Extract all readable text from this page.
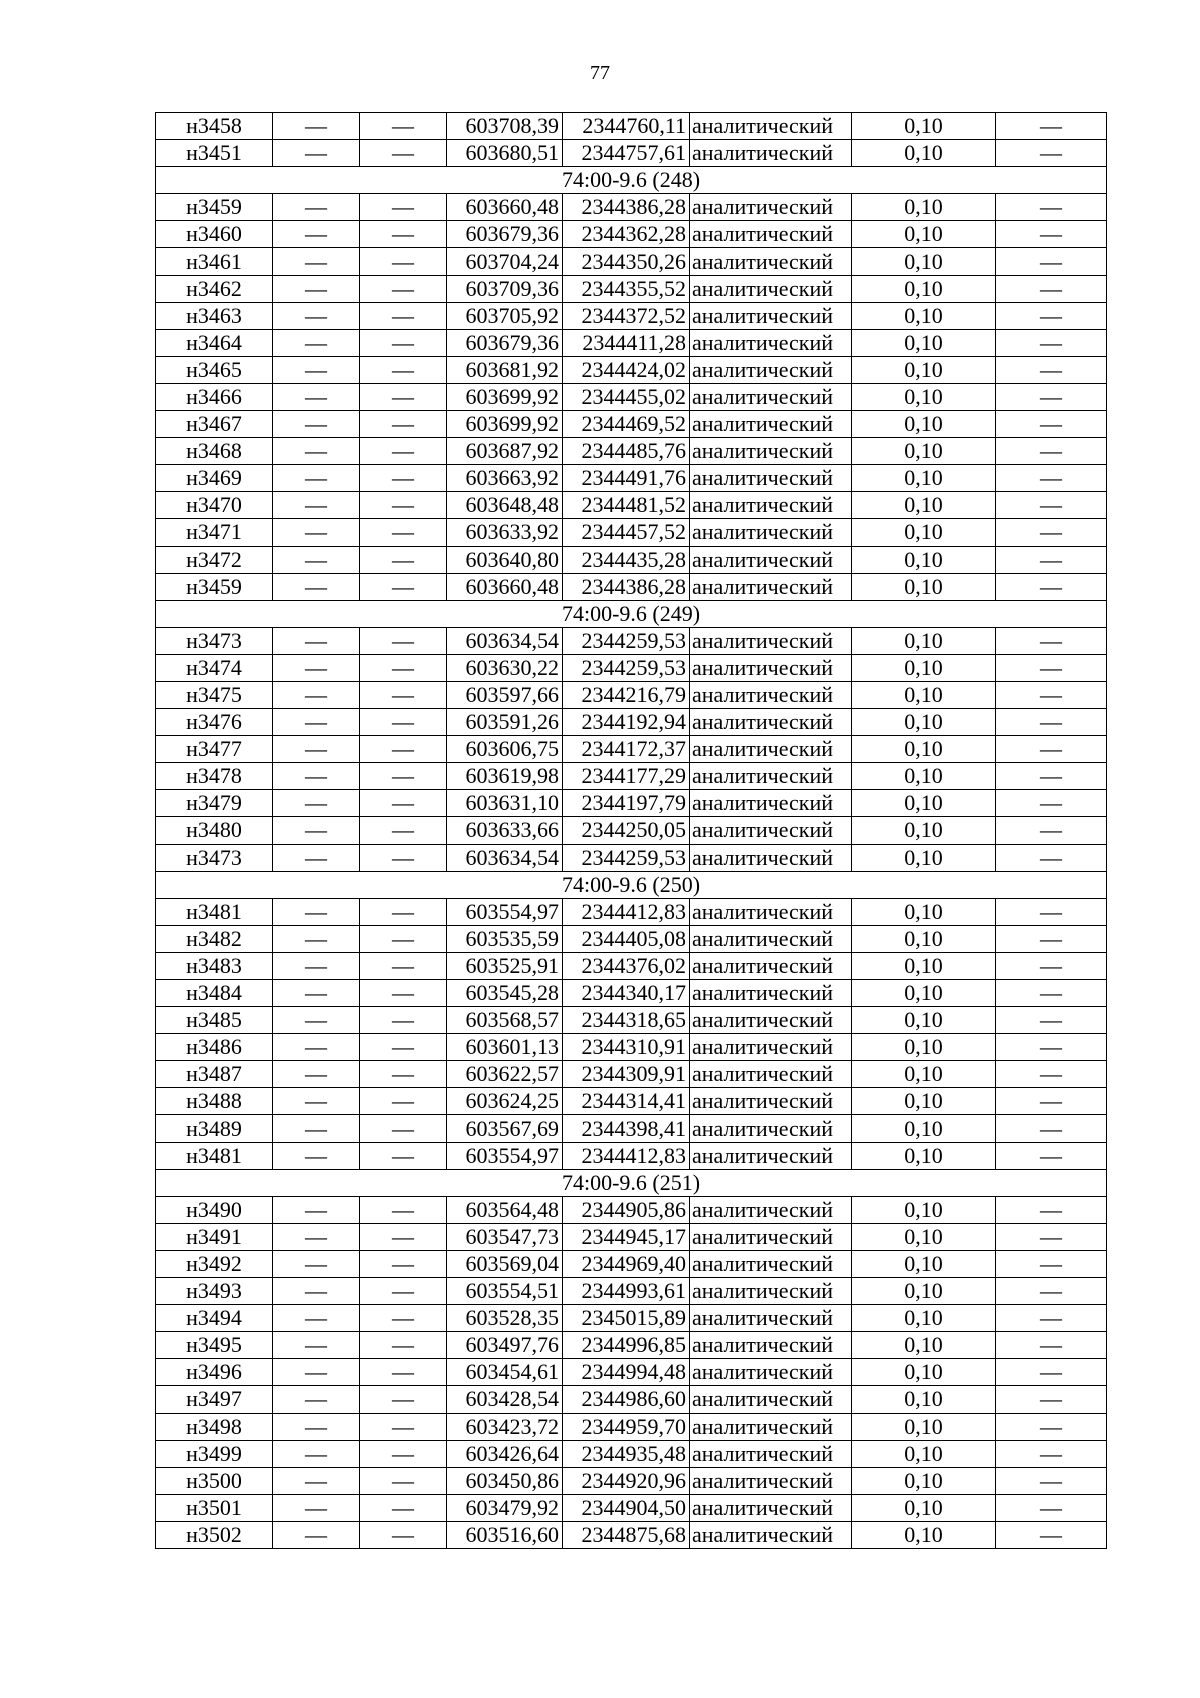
77
н3458	—	—	603708,39	2344760,11	аналитический	0,10	—
н3451	—	—	603680,51	2344757,61	аналитический	0,10	—
74:00-9.6 (248)							
н3459	—	—	603660,48	2344386,28	аналитический	0,10	—
н3460	—	—	603679,36	2344362,28	аналитический	0,10	—
н3461	—	—	603704,24	2344350,26	аналитический	0,10	—
н3462	—	—	603709,36	2344355,52	аналитический	0,10	—
н3463	—	—	603705,92	2344372,52	аналитический	0,10	—
н3464	—	—	603679,36	2344411,28	аналитический	0,10	—
н3465	—	—	603681,92	2344424,02	аналитический	0,10	—
н3466	—	—	603699,92	2344455,02	аналитический	0,10	—
н3467	—	—	603699,92	2344469,52	аналитический	0,10	—
н3468	—	—	603687,92	2344485,76	аналитический	0,10	—
н3469	—	—	603663,92	2344491,76	аналитический	0,10	—
н3470	—	—	603648,48	2344481,52	аналитический	0,10	—
н3471	—	—	603633,92	2344457,52	аналитический	0,10	—
н3472	—	—	603640,80	2344435,28	аналитический	0,10	—
н3459	—	—	603660,48	2344386,28	аналитический	0,10	—
74:00-9.6 (249)							
н3473	—	—	603634,54	2344259,53	аналитический	0,10	—
н3474	—	—	603630,22	2344259,53	аналитический	0,10	—
н3475	—	—	603597,66	2344216,79	аналитический	0,10	—
н3476	—	—	603591,26	2344192,94	аналитический	0,10	—
н3477	—	—	603606,75	2344172,37	аналитический	0,10	—
н3478	—	—	603619,98	2344177,29	аналитический	0,10	—
н3479	—	—	603631,10	2344197,79	аналитический	0,10	—
н3480	—	—	603633,66	2344250,05	аналитический	0,10	—
н3473	—	—	603634,54	2344259,53	аналитический	0,10	—
74:00-9.6 (250)							
н3481	—	—	603554,97	2344412,83	аналитический	0,10	—
н3482	—	—	603535,59	2344405,08	аналитический	0,10	—
н3483	—	—	603525,91	2344376,02	аналитический	0,10	—
н3484	—	—	603545,28	2344340,17	аналитический	0,10	—
н3485	—	—	603568,57	2344318,65	аналитический	0,10	—
н3486	—	—	603601,13	2344310,91	аналитический	0,10	—
н3487	—	—	603622,57	2344309,91	аналитический	0,10	—
н3488	—	—	603624,25	2344314,41	аналитический	0,10	—
н3489	—	—	603567,69	2344398,41	аналитический	0,10	—
н3481	—	—	603554,97	2344412,83	аналитический	0,10	—
74:00-9.6 (251)							
н3490	—	—	603564,48	2344905,86	аналитический	0,10	—
н3491	—	—	603547,73	2344945,17	аналитический	0,10	—
н3492	—	—	603569,04	2344969,40	аналитический	0,10	—
н3493	—	—	603554,51	2344993,61	аналитический	0,10	—
н3494	—	—	603528,35	2345015,89	аналитический	0,10	—
н3495	—	—	603497,76	2344996,85	аналитический	0,10	—
н3496	—	—	603454,61	2344994,48	аналитический	0,10	—
н3497	—	—	603428,54	2344986,60	аналитический	0,10	—
н3498	—	—	603423,72	2344959,70	аналитический	0,10	—
н3499	—	—	603426,64	2344935,48	аналитический	0,10	—
н3500	—	—	603450,86	2344920,96	аналитический	0,10	—
н3501	—	—	603479,92	2344904,50	аналитический	0,10	—
н3502	—	—	603516,60	2344875,68	аналитический	0,10	—
